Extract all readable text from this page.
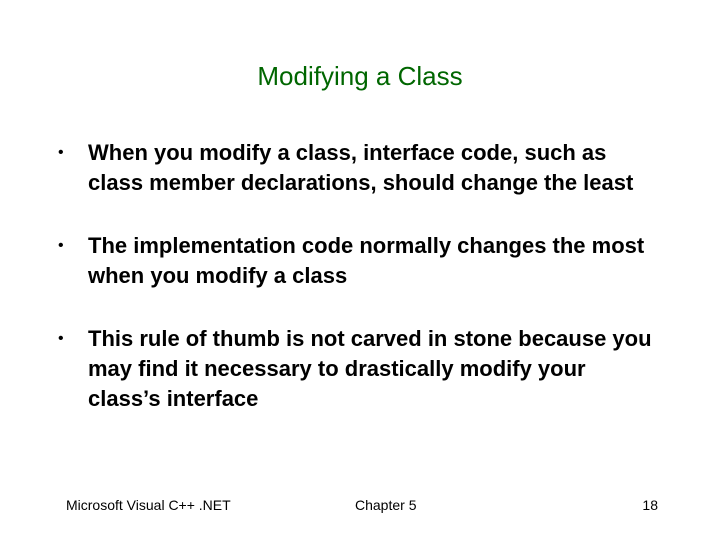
Modifying a Class
• When you modify a class, interface code, such as class member declarations, should change the least
• The implementation code normally changes the most when you modify a class
• This rule of thumb is not carved in stone because you may find it necessary to drastically modify your class’s interface

Microsoft Visual C++ .NET	Chapter 5	18
